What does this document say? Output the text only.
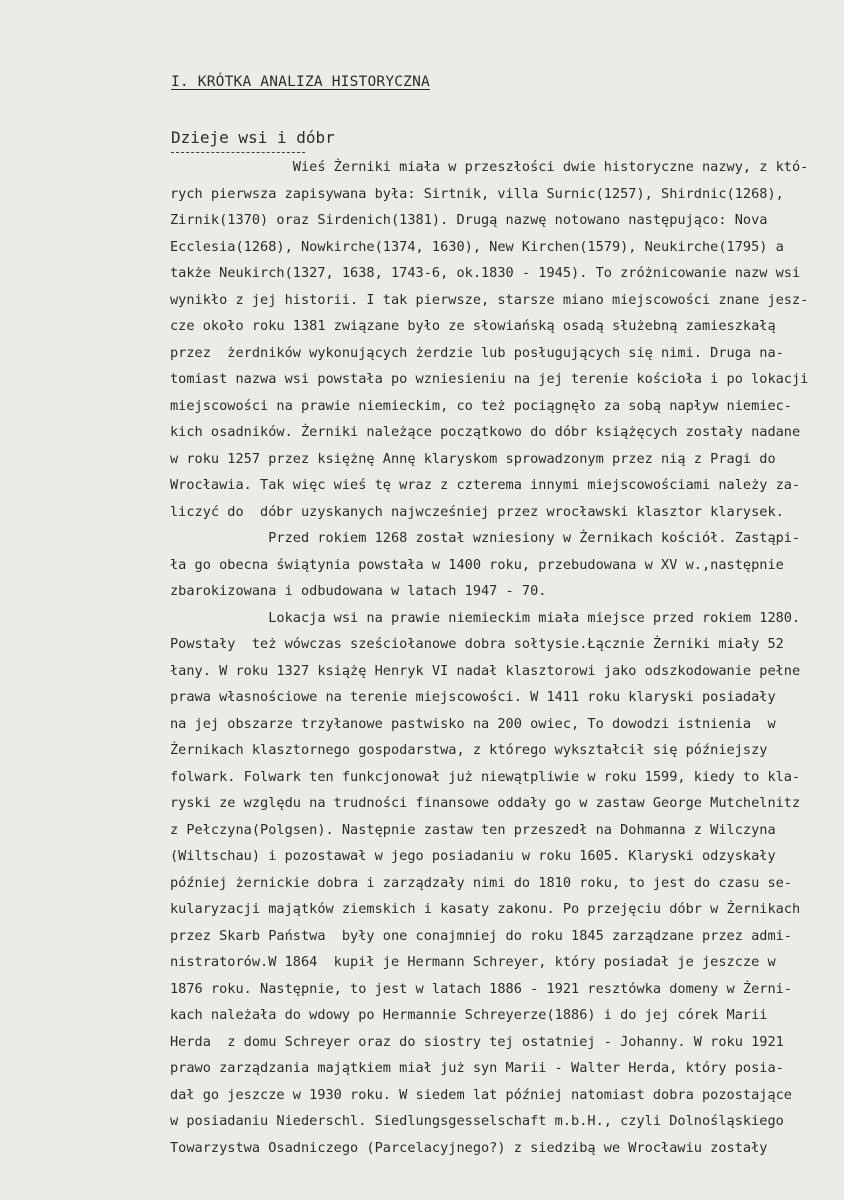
I. KRÓTKA ANALIZA HISTORYCZNA
Dzieje wsi i dóbr
Wieś Żerniki miała w przeszłości dwie historyczne nazwy, z któ-
rych pierwsza zapisywana była: Sirtnik, villa Surnic(1257), Shirdnic(1268),
Zirnik(1370) oraz Sirdenich(1381). Drugą nazwę notowano następująco: Nova
Ecclesia(1268), Nowkirche(1374, 1630), New Kirchen(1579), Neukirche(1795) a
także Neukirch(1327, 1638, 1743-6, ok.1830 - 1945). To zróżnicowanie nazw wsi
wynikło z jej historii. I tak pierwsze, starsze miano miejscowości znane jesz-
cze około roku 1381 związane było ze słowiańską osadą służebną zamieszkałą
przez  żerdników wykonujących żerdzie lub posługujących się nimi. Druga na-
tomiast nazwa wsi powstała po wzniesieniu na jej terenie kościoła i po lokacji
miejscowości na prawie niemieckim, co też pociągnęło za sobą napływ niemiec-
kich osadników. Żerniki należące początkowo do dóbr książęcych zostały nadane
w roku 1257 przez księżnę Annę klaryskom sprowadzonym przez nią z Pragi do
Wrocławia. Tak więc wieś tę wraz z czterema innymi miejscowościami należy za-
liczyć do  dóbr uzyskanych najwcześniej przez wrocławski klasztor klarysek.
Przed rokiem 1268 został wzniesiony w Żernikach kościół. Zastąpi-
ła go obecna świątynia powstała w 1400 roku, przebudowana w XV w.,następnie
zbarokizowana i odbudowana w latach 1947 - 70.
Lokacja wsi na prawie niemieckim miała miejsce przed rokiem 1280.
Powstały  też wówczas sześciołanowe dobra sołtysie.Łącznie Żerniki miały 52
łany. W roku 1327 książę Henryk VI nadał klasztorowi jako odszkodowanie pełne
prawa własnościowe na terenie miejscowości. W 1411 roku klaryski posiadały
na jej obszarze trzyłanowe pastwisko na 200 owiec, To dowodzi istnienia  w
Żernikach klasztornego gospodarstwa, z którego wykształcił się późniejszy
folwark. Folwark ten funkcjonował już niewątpliwie w roku 1599, kiedy to kla-
ryski ze względu na trudności finansowe oddały go w zastaw George Mutchelnitz
z Pełczyna(Polgsen). Następnie zastaw ten przeszedł na Dohmanna z Wilczyna
(Wiltschau) i pozostawał w jego posiadaniu w roku 1605. Klaryski odzyskały
później żernickie dobra i zarządzały nimi do 1810 roku, to jest do czasu se-
kularyzacji majątków ziemskich i kasaty zakonu. Po przejęciu dóbr w Żernikach
przez Skarb Państwa  były one conajmniej do roku 1845 zarządzane przez admi-
nistratorów.W 1864  kupił je Hermann Schreyer, który posiadał je jeszcze w
1876 roku. Następnie, to jest w latach 1886 - 1921 resztówka domeny w Żerni-
kach należała do wdowy po Hermannie Schreyerze(1886) i do jej córek Marii
Herda  z domu Schreyer oraz do siostry tej ostatniej - Johanny. W roku 1921
prawo zarządzania majątkiem miał już syn Marii - Walter Herda, który posia-
dał go jeszcze w 1930 roku. W siedem lat później natomiast dobra pozostające
w posiadaniu Niederschl. Siedlungsgesselschaft m.b.H., czyli Dolnośląskiego
Towarzystwa Osadniczego (Parcelacyjnego?) z siedzibą we Wrocławiu zostały
